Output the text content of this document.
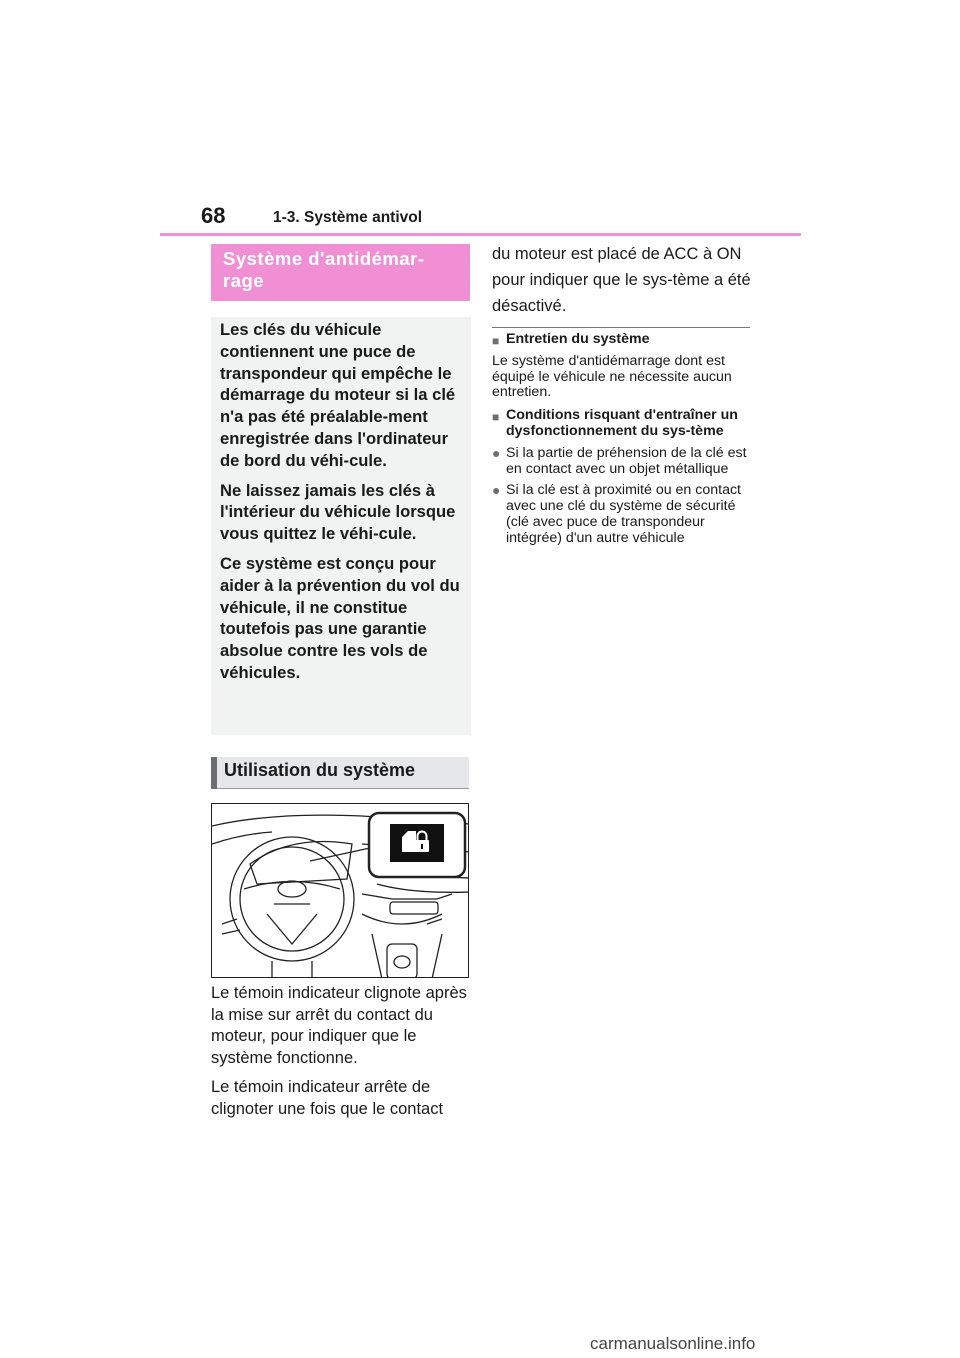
68	1-3. Système antivol
Système d'antidémar-
rage

Les clés du véhicule contiennent une puce de transpondeur qui empêche le démarrage du moteur si la clé n'a pas été préalable-ment enregistrée dans l'ordinateur de bord du véhi-cule.

Ne laissez jamais les clés à l'intérieur du véhicule lorsque vous quittez le véhi-cule.

Ce système est conçu pour aider à la prévention du vol du véhicule, il ne constitue toutefois pas une garantie absolue contre les vols de véhicules.

Utilisation du système

Le témoin indicateur clignote après la mise sur arrêt du contact du moteur, pour indiquer que le système fonctionne.

Le témoin indicateur arrête de clignoter une fois que le contact

du moteur est placé de ACC à ON pour indiquer que le sys-tème a été désactivé.

■ Entretien du système

Le système d'antidémarrage dont est équipé le véhicule ne nécessite aucun entretien.

■ Conditions risquant d'entraîner un dysfonctionnement du sys-tème

● Si la partie de préhension de la clé est en contact avec un objet métallique

● Si la clé est à proximité ou en contact avec une clé du système de sécurité (clé avec puce de transpondeur intégrée) d'un autre véhicule

carmanualsonline.info
